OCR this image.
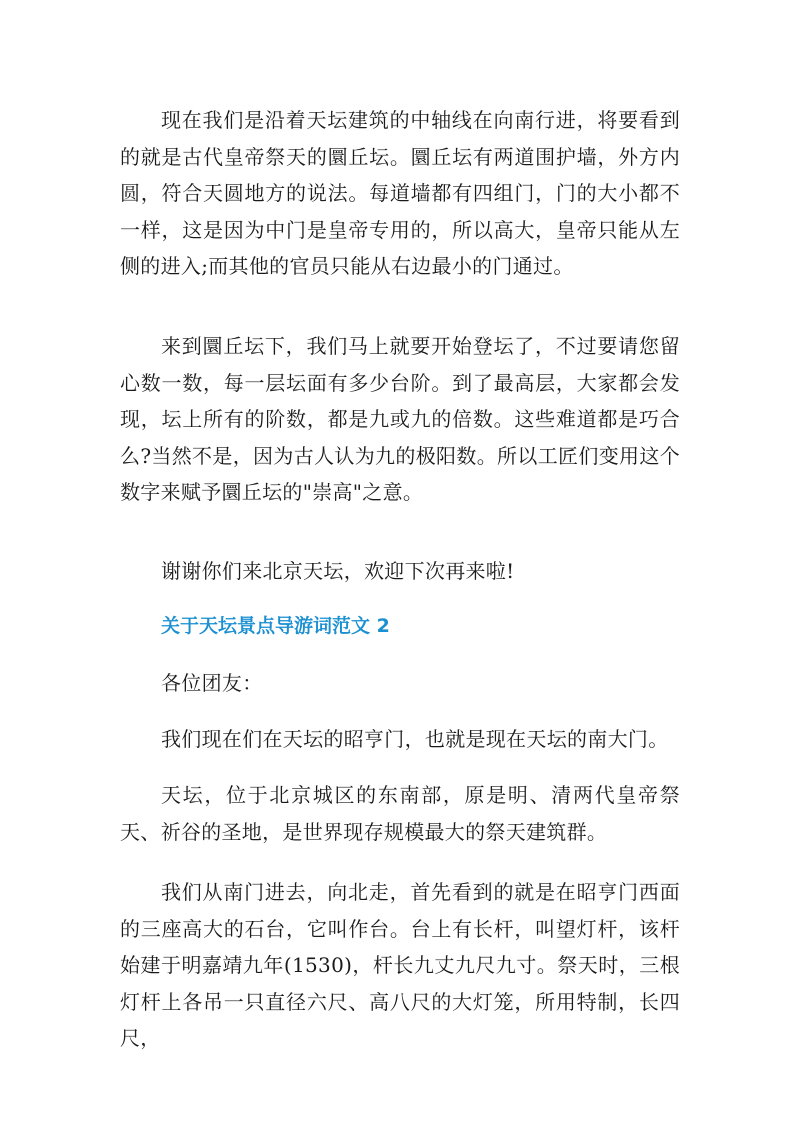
现在我们是沿着天坛建筑的中轴线在向南行进，将要看到的就是古代皇帝祭天的圜丘坛。圜丘坛有两道围护墙，外方内圆，符合天圆地方的说法。每道墙都有四组门，门的大小都不一样，这是因为中门是皇帝专用的，所以高大，皇帝只能从左侧的进入;而其他的官员只能从右边最小的门通过。

来到圜丘坛下，我们马上就要开始登坛了，不过要请您留心数一数，每一层坛面有多少台阶。到了最高层，大家都会发现，坛上所有的阶数，都是九或九的倍数。这些难道都是巧合么?当然不是，因为古人认为九的极阳数。所以工匠们变用这个数字来赋予圜丘坛的"崇高"之意。

谢谢你们来北京天坛，欢迎下次再来啦!

关于天坛景点导游词范文 2

各位团友：

我们现在们在天坛的昭亨门，也就是现在天坛的南大门。

天坛，位于北京城区的东南部，原是明、清两代皇帝祭天、祈谷的圣地，是世界现存规模最大的祭天建筑群。

我们从南门进去，向北走，首先看到的就是在昭亨门西面的三座高大的石台，它叫作台。台上有长杆，叫望灯杆，该杆始建于明嘉靖九年(1530)，杆长九丈九尺九寸。祭天时，三根灯杆上各吊一只直径六尺、高八尺的大灯笼，所用特制，长四尺，
